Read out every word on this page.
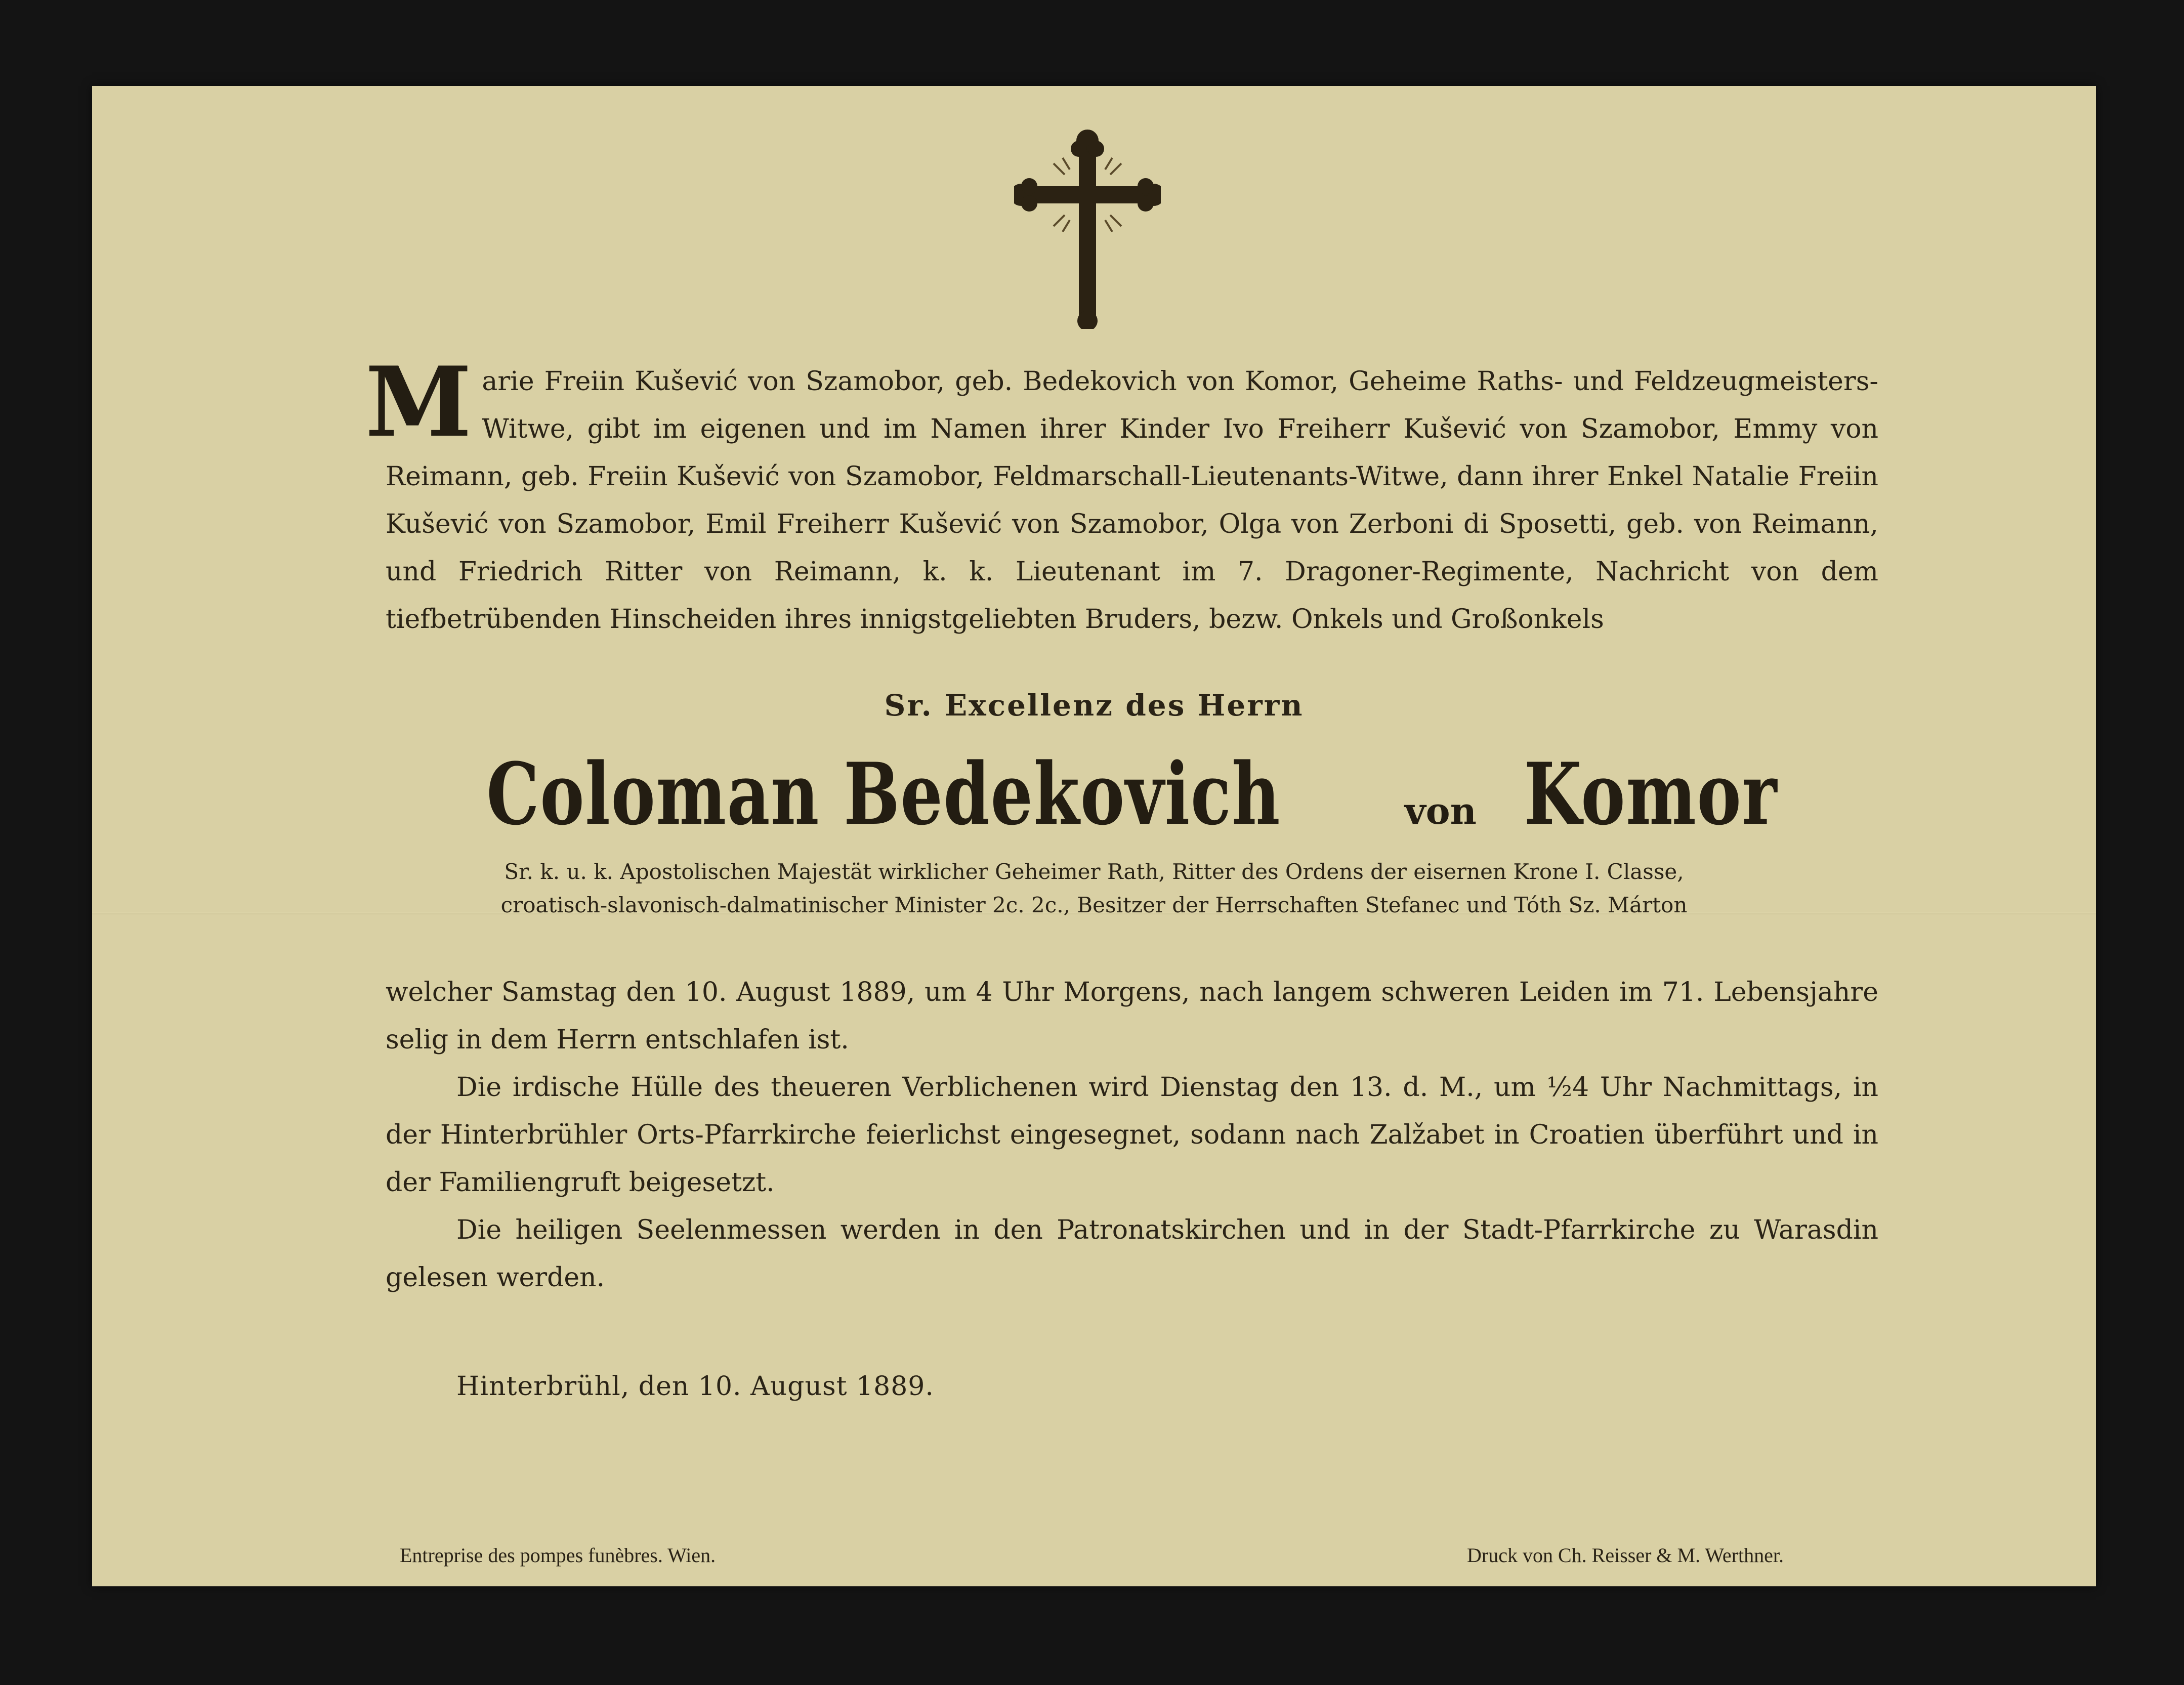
M arie Freiin Kušević von Szamobor, geb. Bedekovich von Komor, Geheime Raths- und Feldzeugmeisters-Witwe, gibt im eigenen und im Namen ihrer Kinder Ivo Freiherr Kušević von Szamobor, Emmy von Reimann, geb. Freiin Kušević von Szamobor, Feldmarschall-Lieutenants-Witwe, dann ihrer Enkel Natalie Freiin Kušević von Szamobor, Emil Freiherr Kušević von Szamobor, Olga von Zerboni di Sposetti, geb. von Reimann, und Friedrich Ritter von Reimann, k. k. Lieutenant im 7. Dragoner-Regimente, Nachricht von dem tiefbetrübenden Hinscheiden ihres innigstgeliebten Bruders, bezw. Onkels und Großonkels
Sr. Excellenz des Herrn
Coloman Bedekovich	von Komor
Sr. k. u. k. Apostolischen Majestät wirklicher Geheimer Rath, Ritter des Ordens der eisernen Krone I. Classe,
croatisch-slavonisch-dalmatinischer Minister 2c. 2c., Besitzer der Herrschaften Stefanec und Tóth Sz. Márton

welcher Samstag den 10. August 1889, um 4 Uhr Morgens, nach langem schweren Leiden im 71. Lebensjahre selig in dem Herrn entschlafen ist.

Die irdische Hülle des theueren Verblichenen wird Dienstag den 13. d. M., um ½4 Uhr Nachmittags, in der Hinterbrühler Orts-Pfarrkirche feierlichst eingesegnet, sodann nach Zalžabet in Croatien überführt und in der Familiengruft beigesetzt.

Die heiligen Seelenmessen werden in den Patronatskirchen und in der Stadt-Pfarrkirche zu Warasdin gelesen werden.

Hinterbrühl, den 10. August 1889.
Entreprise des pompes funèbres. Wien.	Druck von Ch. Reisser & M. Werthner.
